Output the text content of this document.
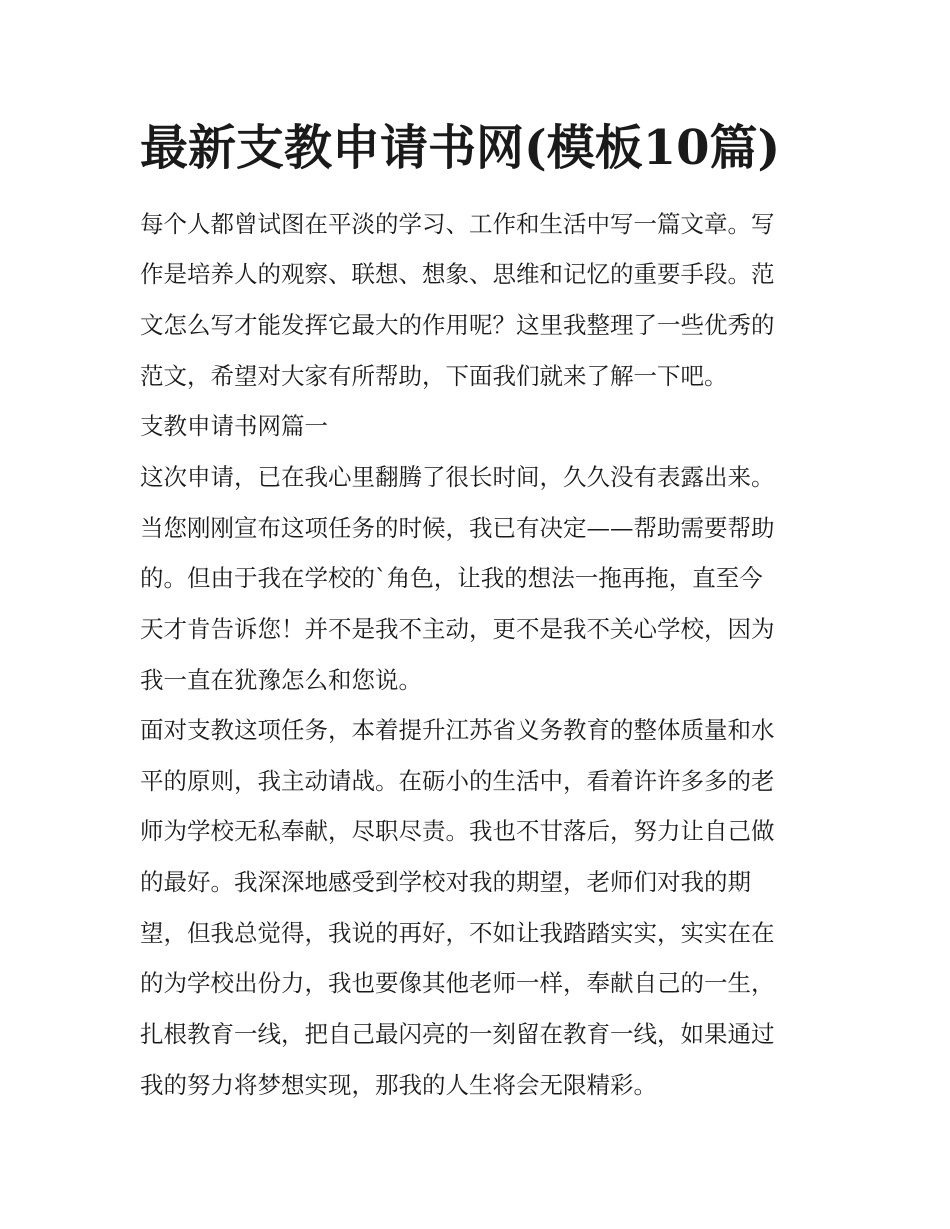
最新支教申请书网(模板10篇)
每个人都曾试图在平淡的学习、工作和生活中写一篇文章。写
作是培养人的观察、联想、想象、思维和记忆的重要手段。范
文怎么写才能发挥它最大的作用呢？这里我整理了一些优秀的
范文，希望对大家有所帮助，下面我们就来了解一下吧。
支教申请书网篇一
这次申请，已在我心里翻腾了很长时间，久久没有表露出来。
当您刚刚宣布这项任务的时候，我已有决定——帮助需要帮助
的。但由于我在学校的`角色，让我的想法一拖再拖，直至今
天才肯告诉您！并不是我不主动，更不是我不关心学校，因为
我一直在犹豫怎么和您说。
面对支教这项任务，本着提升江苏省义务教育的整体质量和水
平的原则，我主动请战。在砺小的生活中，看着许许多多的老
师为学校无私奉献，尽职尽责。我也不甘落后，努力让自己做
的最好。我深深地感受到学校对我的期望，老师们对我的期
望，但我总觉得，我说的再好，不如让我踏踏实实，实实在在
的为学校出份力，我也要像其他老师一样，奉献自己的一生，
扎根教育一线，把自己最闪亮的一刻留在教育一线，如果通过
我的努力将梦想实现，那我的人生将会无限精彩。
